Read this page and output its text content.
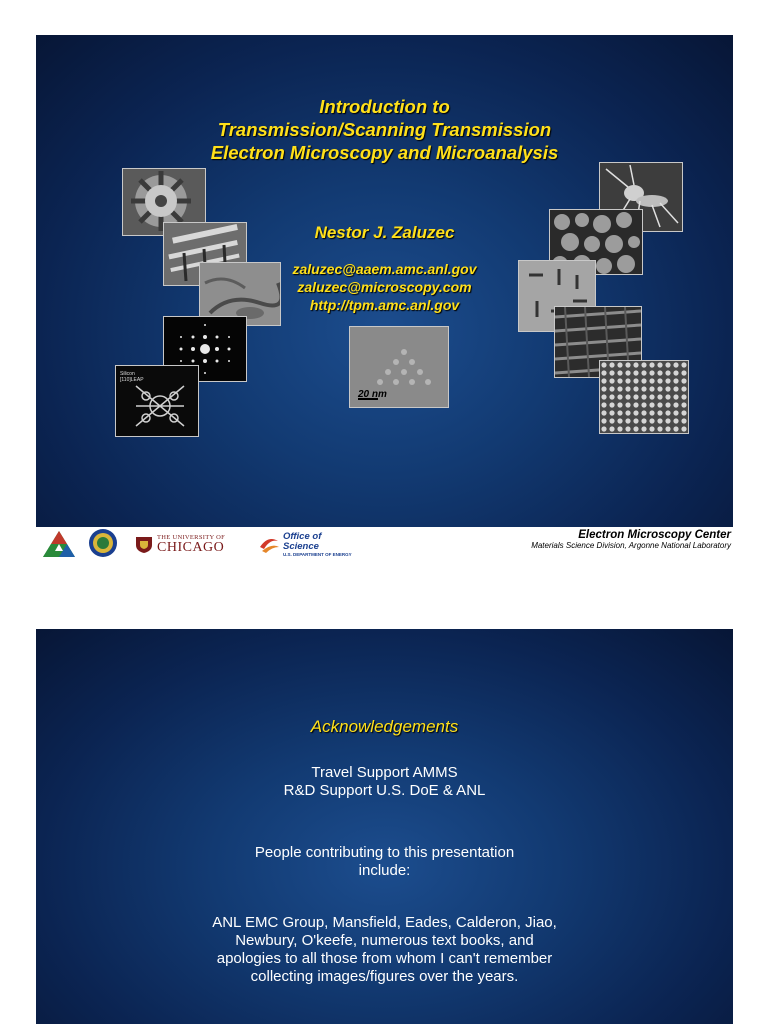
Introduction to
Transmission/Scanning Transmission
Electron Microscopy and Microanalysis
Nestor J. Zaluzec
zaluzec@aaem.amc.anl.gov
zaluzec@microscopy.com
http://tpm.amc.anl.gov
Silicon
[110]LEAP
20 nm
THE UNIVERSITY OF
CHICAGO
Office of
Science
U.S. DEPARTMENT OF ENERGY
Electron Microscopy Center
Materials Science Division, Argonne National Laboratory
Acknowledgements
Travel Support AMMS
R&D Support U.S. DoE & ANL
People contributing to this presentation
include:
ANL EMC Group, Mansfield, Eades, Calderon, Jiao,
Newbury, O'keefe, numerous text books, and
apologies to all those from whom I can't remember
collecting images/figures over the years.
